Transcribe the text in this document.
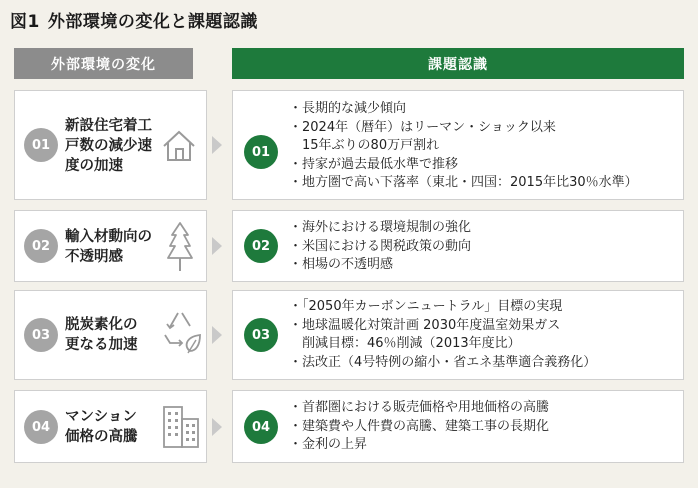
図1 外部環境の変化と課題認識
外部環境の変化	課題認識
01
新設住宅着工
戸数の減少速
度の加速
01
・ 長期的な減少傾向
・ 2024年（暦年）はリーマン・ショック以来
15年ぶりの80万戸割れ
・ 持家が過去最低水準で推移
・ 地方圏で高い下落率（東北・四国：2015年比30％水準）
02
輸入材動向の
不透明感
02
・ 海外における環境規制の強化
・ 米国における関税政策の動向
・ 相場の不透明感
03
脱炭素化の
更なる加速
03
・ 「2050年カーボンニュートラル」目標の実現
・ 地球温暖化対策計画 2030年度温室効果ガス
削減目標：46％削減（2013年度比）
・ 法改正（4号特例の縮小・省エネ基準適合義務化）
04
マンション
価格の高騰
04
・ 首都圏における販売価格や用地価格の高騰
・ 建築費や人件費の高騰、建築工事の長期化
・ 金利の上昇
